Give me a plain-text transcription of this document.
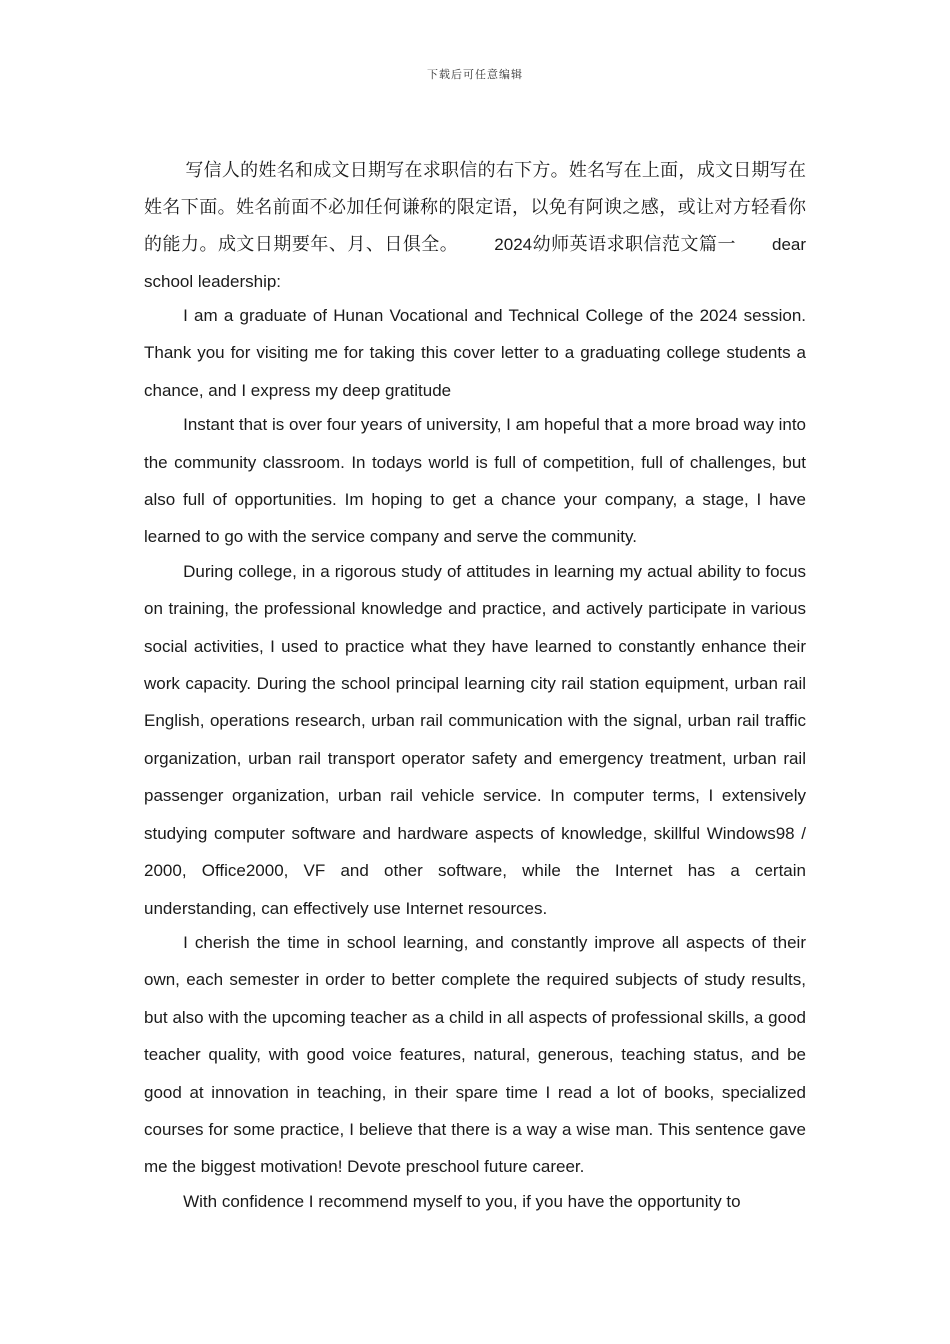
下载后可任意编辑

写信人的姓名和成文日期写在求职信的右下方。姓名写在上面，成文日期写在姓名下面。姓名前面不必加任何谦称的限定语，以免有阿谀之感，或让对方轻看你的能力。成文日期要年、月、日俱全。 2024幼师英语求职信范文篇一 dear school leadership:

I am a graduate of Hunan Vocational and Technical College of the 2024 session. Thank you for visiting me for taking this cover letter to a graduating college students a chance, and I express my deep gratitude

Instant that is over four years of university, I am hopeful that a more broad way into the community classroom. In todays world is full of competition, full of challenges, but also full of opportunities. Im hoping to get a chance your company, a stage, I have learned to go with the service company and serve the community.

During college, in a rigorous study of attitudes in learning my actual ability to focus on training, the professional knowledge and practice, and actively participate in various social activities, I used to practice what they have learned to constantly enhance their work capacity. During the school principal learning city rail station equipment, urban rail English, operations research, urban rail communication with the signal, urban rail traffic organization, urban rail transport operator safety and emergency treatment, urban rail passenger organization, urban rail vehicle service. In computer terms, I extensively studying computer software and hardware aspects of knowledge, skillful Windows98 / 2000, Office2000, VF and other software, while the Internet has a certain understanding, can effectively use Internet resources.

I cherish the time in school learning, and constantly improve all aspects of their own, each semester in order to better complete the required subjects of study results, but also with the upcoming teacher as a child in all aspects of professional skills, a good teacher quality, with good voice features, natural, generous, teaching status, and be good at innovation in teaching, in their spare time I read a lot of books, specialized courses for some practice, I believe that there is a way a wise man. This sentence gave me the biggest motivation! Devote preschool future career.

With confidence I recommend myself to you, if you have the opportunity to
